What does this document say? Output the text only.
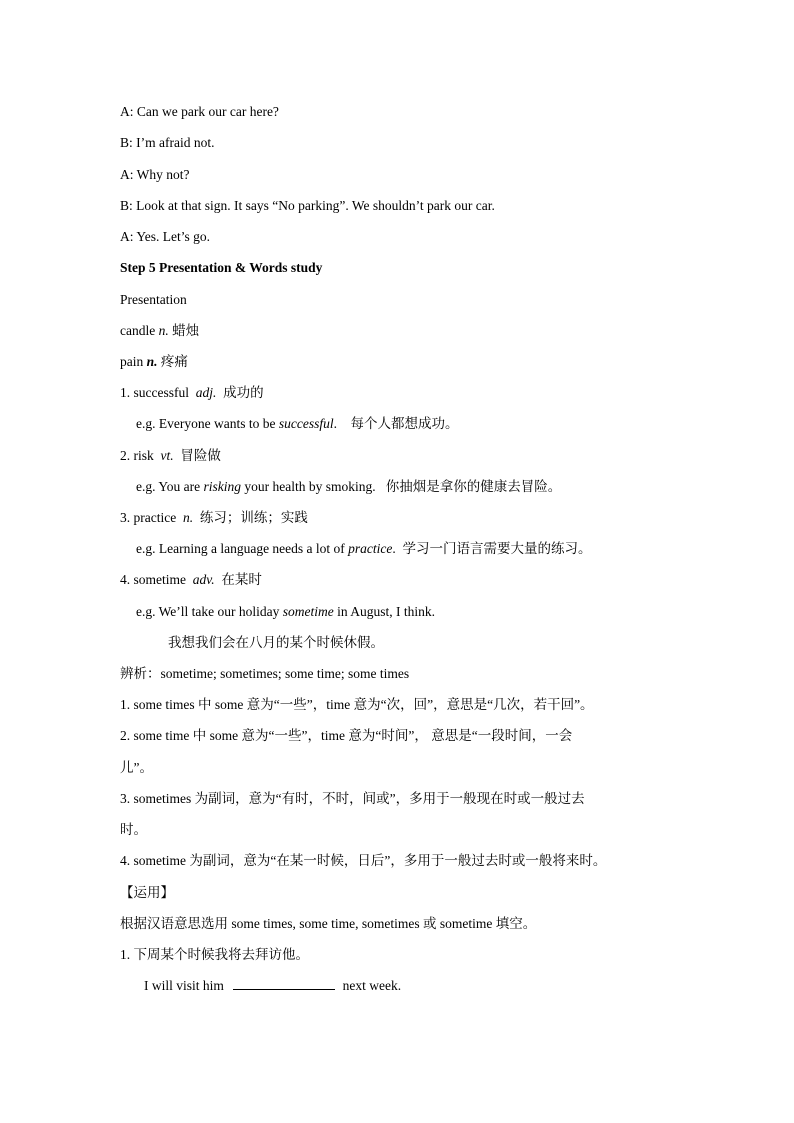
A: Can we park our car here?
B: I’m afraid not.
A: Why not?
B: Look at that sign. It says “No parking”. We shouldn’t park our car.
A: Yes. Let’s go.
Step 5 Presentation & Words study
Presentation
candle n. 蜡烛
pain n. 疼痛
1. successful adj. 成功的
e.g. Everyone wants to be successful. 每个人都想成功。
2. risk vt. 冒险做
e.g. You are risking your health by smoking. 你抽烟是拿你的健康去冒险。
3. practice n. 练习；训练；实践
e.g. Learning a language needs a lot of practice. 学习一门语言需要大量的练习。
4. sometime adv. 在某时
e.g. We’ll take our holiday sometime in August, I think.
我想我们会在八月的某个时候休假。
辨析：sometime; sometimes; some time; some times
1. some times 中 some 意为“一些”，time 意为“次，回”，意思是“几次，若干回”。
2. some time 中 some 意为“一些”，time 意为“时间”， 意思是“一段时间，一会
儿”。
3. sometimes 为副词，意为“有时，不时，间或”，多用于一般现在时或一般过去
时。
4. sometime 为副词，意为“在某一时候，日后”，多用于一般过去时或一般将来时。
【运用】
根据汉语意思选用 some times, some time, sometimes 或 sometime 填空。
1. 下周某个时候我将去拜访他。
I will visit him	next week.
